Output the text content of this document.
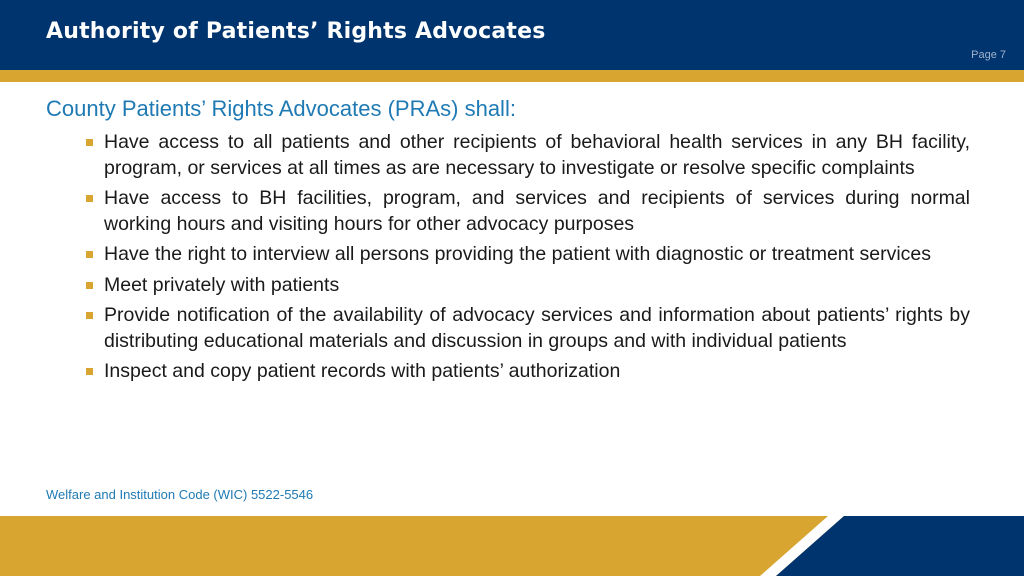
Authority of Patients’ Rights Advocates
Page 7
County Patients’ Rights Advocates (PRAs) shall:
Have access to all patients and other recipients of behavioral health services in any BH facility, program, or services at all times as are necessary to investigate or resolve specific complaints
Have access to BH facilities, program, and services and recipients of services during normal working hours and visiting hours for other advocacy purposes
Have the right to interview all persons providing the patient with diagnostic or treatment services
Meet privately with patients
Provide notification of the availability of advocacy services and information about patients’ rights by distributing educational materials and discussion in groups and with individual patients
Inspect and copy patient records with patients’ authorization
Welfare and Institution Code (WIC) 5522-5546
